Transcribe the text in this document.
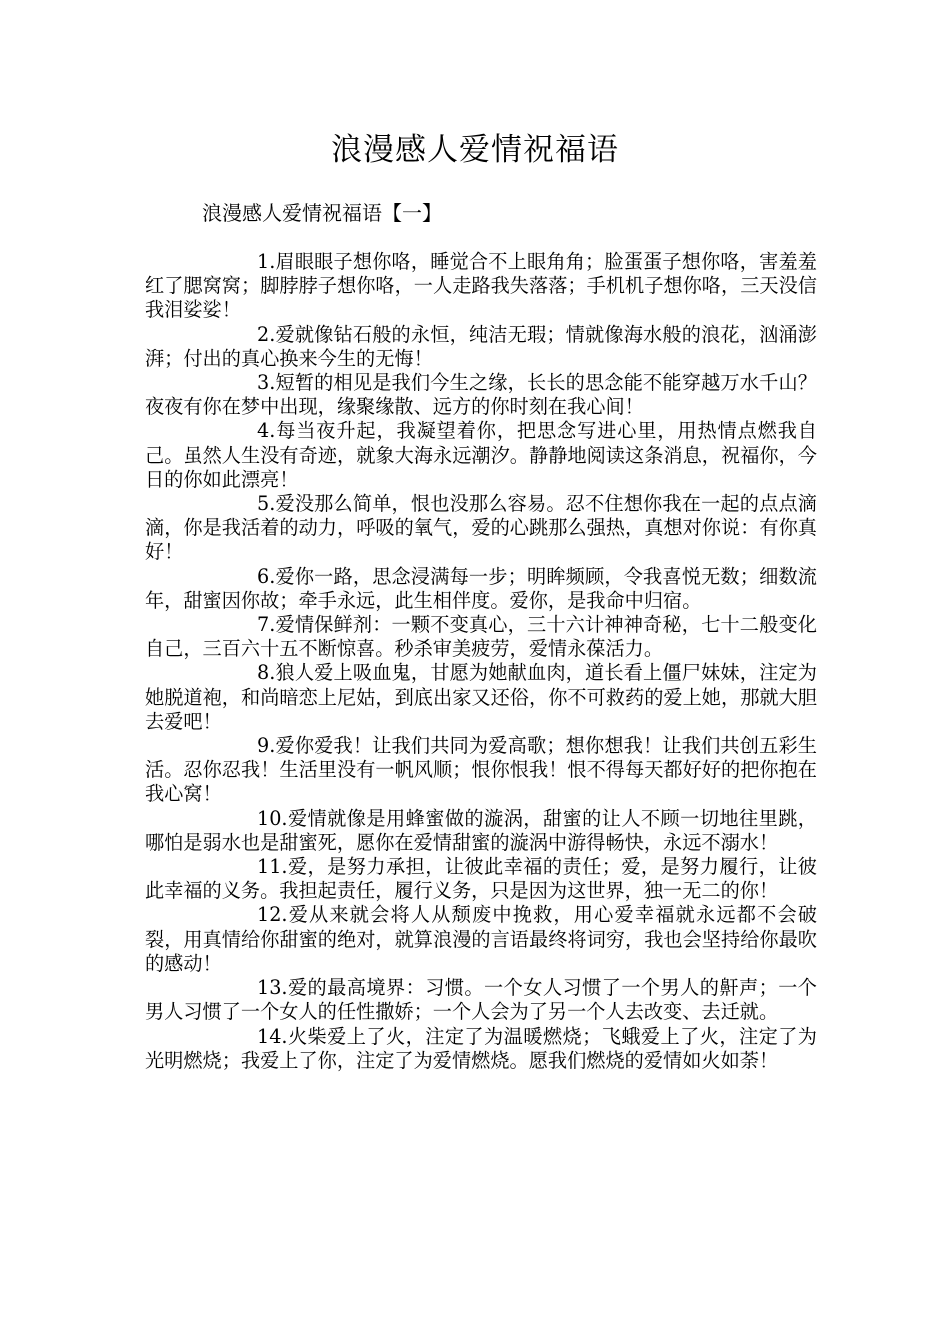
浪漫感人爱情祝福语

浪漫感人爱情祝福语【一】

1.眉眼眼子想你咯，睡觉合不上眼角角；脸蛋蛋子想你咯，害羞羞红了腮窝窝；脚脖脖子想你咯，一人走路我失落落；手机机子想你咯，三天没信我泪娑娑！
2.爱就像钻石般的永恒，纯洁无瑕；情就像海水般的浪花，汹涌澎湃；付出的真心换来今生的无悔！
3.短暂的相见是我们今生之缘，长长的思念能不能穿越万水千山？夜夜有你在梦中出现，缘聚缘散、远方的你时刻在我心间！
4.每当夜升起，我凝望着你，把思念写进心里，用热情点燃我自己。虽然人生没有奇迹，就象大海永远潮汐。静静地阅读这条消息，祝福你，今日的你如此漂亮！
5.爱没那么简单，恨也没那么容易。忍不住想你我在一起的点点滴滴，你是我活着的动力，呼吸的氧气，爱的心跳那么强热，真想对你说：有你真好！
6.爱你一路，思念浸满每一步；明眸频顾，令我喜悦无数；细数流年，甜蜜因你故；牵手永远，此生相伴度。爱你，是我命中归宿。
7.爱情保鲜剂：一颗不变真心，三十六计神神奇秘，七十二般变化自己，三百六十五不断惊喜。秒杀审美疲劳，爱情永葆活力。
8.狼人爱上吸血鬼，甘愿为她献血肉，道长看上僵尸妹妹，注定为她脱道袍，和尚暗恋上尼姑，到底出家又还俗，你不可救药的爱上她，那就大胆去爱吧！
9.爱你爱我！让我们共同为爱高歌；想你想我！让我们共创五彩生活。忍你忍我！生活里没有一帆风顺；恨你恨我！恨不得每天都好好的把你抱在我心窝！
10.爱情就像是用蜂蜜做的漩涡，甜蜜的让人不顾一切地往里跳，哪怕是弱水也是甜蜜死，愿你在爱情甜蜜的漩涡中游得畅快，永远不溺水！
11.爱，是努力承担，让彼此幸福的责任；爱，是努力履行，让彼此幸福的义务。我担起责任，履行义务，只是因为这世界，独一无二的你！
12.爱从来就会将人从颓废中挽救，用心爱幸福就永远都不会破裂，用真情给你甜蜜的绝对，就算浪漫的言语最终将词穷，我也会坚持给你最吹的感动！
13.爱的最高境界：习惯。一个女人习惯了一个男人的鼾声；一个男人习惯了一个女人的任性撒娇；一个人会为了另一个人去改变、去迁就。
14.火柴爱上了火，注定了为温暖燃烧；飞蛾爱上了火，注定了为光明燃烧；我爱上了你，注定了为爱情燃烧。愿我们燃烧的爱情如火如荼！
